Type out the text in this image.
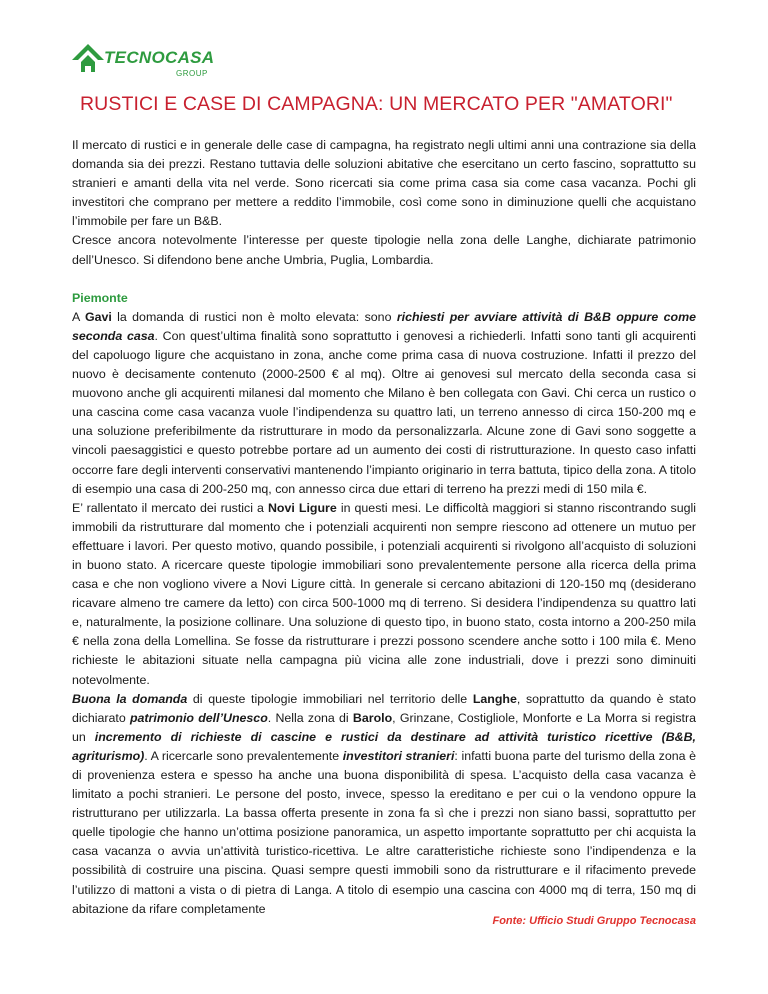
TECNOCASA
GROUP
RUSTICI E CASE DI CAMPAGNA: UN MERCATO PER "AMATORI"

Il mercato di rustici e in generale delle case di campagna, ha registrato negli ultimi anni una contrazione sia della domanda sia dei prezzi. Restano tuttavia delle soluzioni abitative che esercitano un certo fascino, soprattutto su stranieri e amanti della vita nel verde. Sono ricercati sia come prima casa sia come casa vacanza. Pochi gli investitori che comprano per mettere a reddito l’immobile, così come sono in diminuzione quelli che acquistano l’immobile per fare un B&B.

Cresce ancora notevolmente l’interesse per queste tipologie nella zona delle Langhe, dichiarate patrimonio dell’Unesco. Si difendono bene anche Umbria, Puglia, Lombardia.

Piemonte

A Gavi la domanda di rustici non è molto elevata: sono richiesti per avviare attività di B&B oppure come seconda casa. Con quest’ultima finalità sono soprattutto i genovesi a richiederli. Infatti sono tanti gli acquirenti del capoluogo ligure che acquistano in zona, anche come prima casa di nuova costruzione. Infatti il prezzo del nuovo è decisamente contenuto (2000-2500 € al mq). Oltre ai genovesi sul mercato della seconda casa si muovono anche gli acquirenti milanesi dal momento che Milano è ben collegata con Gavi. Chi cerca un rustico o una cascina come casa vacanza vuole l’indipendenza su quattro lati, un terreno annesso di circa 150-200 mq e una soluzione preferibilmente da ristrutturare in modo da personalizzarla. Alcune zone di Gavi sono soggette a vincoli paesaggistici e questo potrebbe portare ad un aumento dei costi di ristrutturazione. In questo caso infatti occorre fare degli interventi conservativi mantenendo l’impianto originario in terra battuta, tipico della zona. A titolo di esempio una casa di 200-250 mq, con annesso circa due ettari di terreno ha prezzi medi di 150 mila €.

E’ rallentato il mercato dei rustici a Novi Ligure in questi mesi. Le difficoltà maggiori si stanno riscontrando sugli immobili da ristrutturare dal momento che i potenziali acquirenti non sempre riescono ad ottenere un mutuo per effettuare i lavori. Per questo motivo, quando possibile, i potenziali acquirenti si rivolgono all’acquisto di soluzioni in buono stato. A ricercare queste tipologie immobiliari sono prevalentemente persone alla ricerca della prima casa e che non vogliono vivere a Novi Ligure città. In generale si cercano abitazioni di 120-150 mq (desiderano ricavare almeno tre camere da letto) con circa 500-1000 mq di terreno. Si desidera l’indipendenza su quattro lati e, naturalmente, la posizione collinare. Una soluzione di questo tipo, in buono stato, costa intorno a 200-250 mila € nella zona della Lomellina. Se fosse da ristrutturare i prezzi possono scendere anche sotto i 100 mila €. Meno richieste le abitazioni situate nella campagna più vicina alle zone industriali, dove i prezzi sono diminuiti notevolmente.

Buona la domanda di queste tipologie immobiliari nel territorio delle Langhe, soprattutto da quando è stato dichiarato patrimonio dell’Unesco. Nella zona di Barolo, Grinzane, Costigliole, Monforte e La Morra si registra un incremento di richieste di cascine e rustici da destinare ad attività turistico ricettive (B&B, agriturismo). A ricercarle sono prevalentemente investitori stranieri: infatti buona parte del turismo della zona è di provenienza estera e spesso ha anche una buona disponibilità di spesa. L’acquisto della casa vacanza è limitato a pochi stranieri. Le persone del posto, invece, spesso la ereditano e per cui o la vendono oppure la ristrutturano per utilizzarla. La bassa offerta presente in zona fa sì che i prezzi non siano bassi, soprattutto per quelle tipologie che hanno un’ottima posizione panoramica, un aspetto importante soprattutto per chi acquista la casa vacanza o avvia un’attività turistico-ricettiva. Le altre caratteristiche richieste sono l’indipendenza e la possibilità di costruire una piscina. Quasi sempre questi immobili sono da ristrutturare e il rifacimento prevede l’utilizzo di mattoni a vista o di pietra di Langa. A titolo di esempio una cascina con 4000 mq di terra, 150 mq di abitazione da rifare completamente

Fonte: Ufficio Studi Gruppo Tecnocasa
